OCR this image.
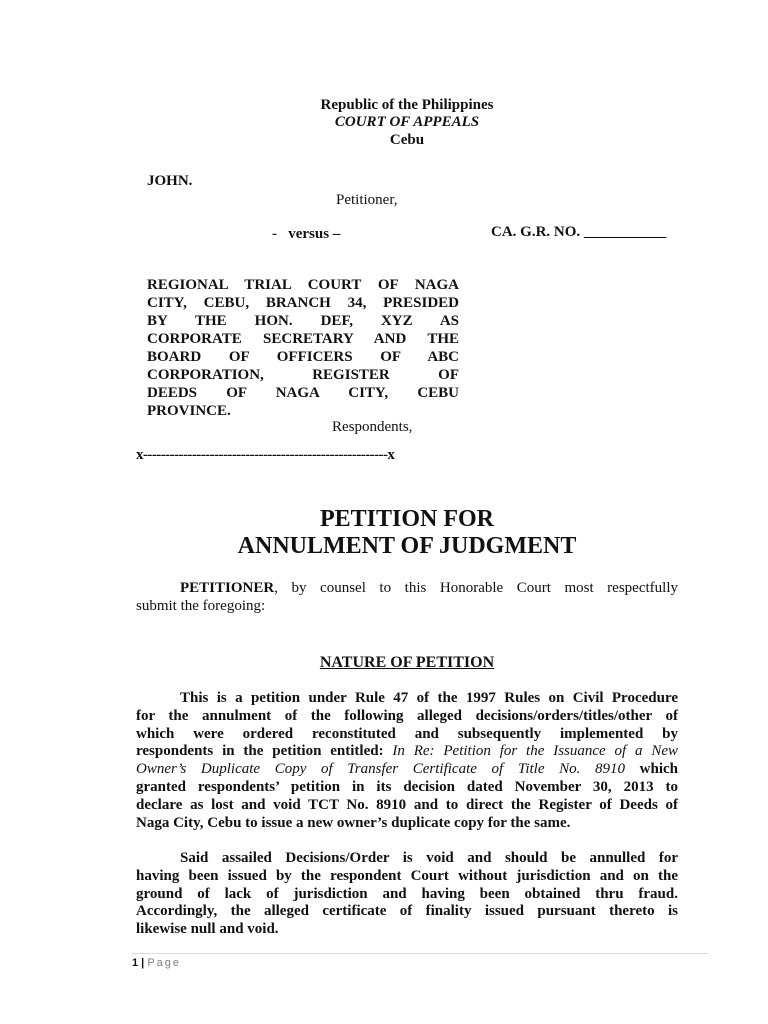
Republic of the Philippines
COURT OF APPEALS
Cebu
JOHN.
Petitioner,
-   versus –	CA. G.R. NO. ___________
REGIONAL TRIAL COURT OF NAGA
CITY, CEBU, BRANCH 34, PRESIDED
BY THE HON. DEF, XYZ AS
CORPORATE SECRETARY AND THE
BOARD OF OFFICERS OF ABC
CORPORATION, REGISTER OF
DEEDS OF NAGA CITY, CEBU
PROVINCE.
Respondents,
x-------------------------------------------------------x
PETITION FOR
ANNULMENT OF JUDGMENT
PETITIONER, by counsel to this Honorable Court most respectfully
submit the foregoing:
NATURE OF PETITION
This is a petition under Rule 47 of the 1997 Rules on Civil Procedure
for the annulment of the following alleged decisions/orders/titles/other of
which were ordered reconstituted and subsequently implemented by
respondents in the petition entitled: In Re: Petition for the Issuance of a New
Owner’s Duplicate Copy of Transfer Certificate of Title No. 8910 which
granted respondents’ petition in its decision dated November 30, 2013 to
declare as lost and void TCT No. 8910 and to direct the Register of Deeds of
Naga City, Cebu to issue a new owner’s duplicate copy for the same.
Said assailed Decisions/Order is void and should be annulled for
having been issued by the respondent Court without jurisdiction and on the
ground of lack of jurisdiction and having been obtained thru fraud.
Accordingly, the alleged certificate of finality issued pursuant thereto is
likewise null and void.
1 | Page
